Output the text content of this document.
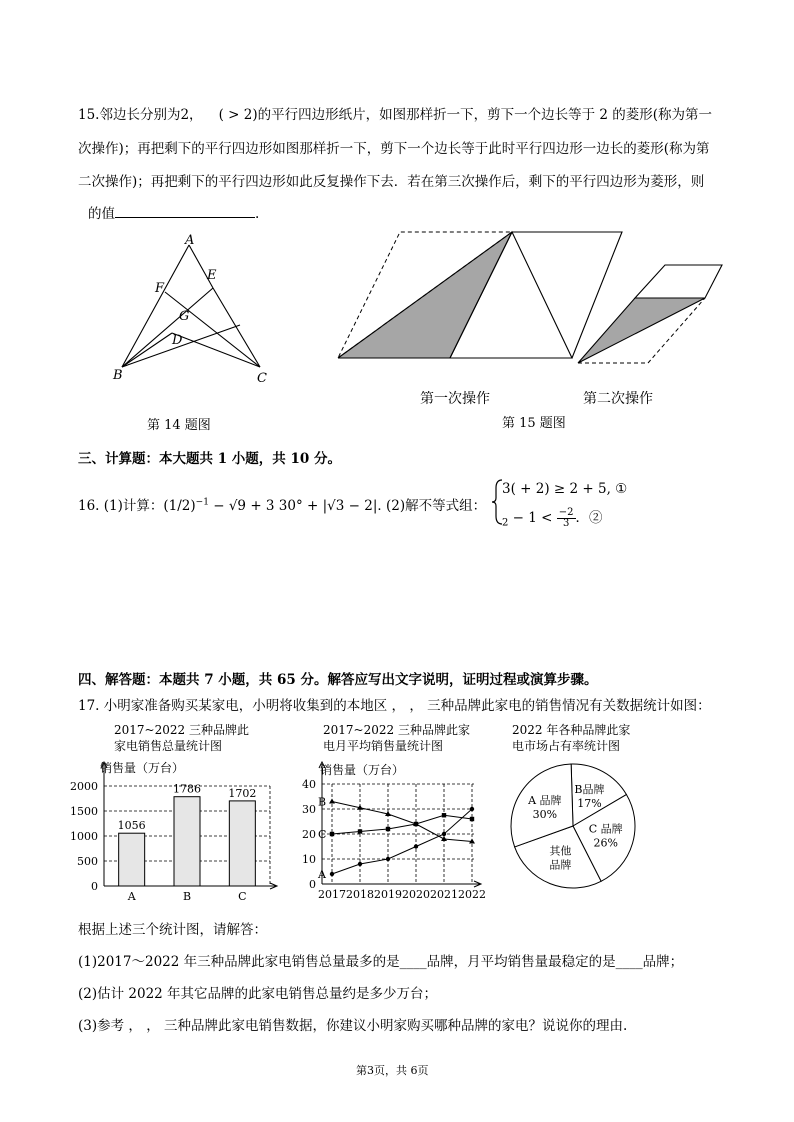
15.邻边长分别为2， ( > 2)的平行四边形纸片，如图那样折一下，剪下一个边长等于 2 的菱形(称为第一
次操作)；再把剩下的平行四边形如图那样折一下，剪下一个边长等于此时平行四边形一边长的菱形(称为第
二次操作)；再把剩下的平行四边形如此反复操作下去．若在第三次操作后，剩下的平行四边形为菱形，则
的值	.
A
B	C
D
E
F
G
第 14 题图
第一次操作	第二次操作
第 15 题图
三、计算题：本大题共 1 小题，共 10 分。
16. (1)计算：$(1/2)^{-1} - √9 + 3$ 30° + |√3 − 2|．
(2)解不等式组：
3( + 2) ≥ 2 + 5, ①
$_2 - 1 < \frac{-2}{3}$ ．②
四、解答题：本题共 7 小题，共 65 分。解答应写出文字说明，证明过程或演算步骤。
17. 小明家准备购买某家电，小明将收集到的本地区 ， ， 三种品牌此家电的销售情况有关数据统计如图：
2017~2022 三种品牌此
家电销售总量统计图
2017~2022 三种品牌此家
电月平均销售量统计图
2022 年各种品牌此家
电市场占有率统计图
销售量（万台）
0
500
1000
1500
2000
1056
A
1786
B
1702
C
销售量（万台）
0
10
20
30
40
2017 2018 2019 2020 2021 2022
A
B
C
A 品牌
30%
B品牌
17%
C 品牌
26%
其他
品牌
根据上述三个统计图，请解答：
(1)2017～2022 年三种品牌此家电销售总量最多的是____品牌，月平均销售量最稳定的是____品牌；
(2)估计 2022 年其它品牌的此家电销售总量约是多少万台；
(3)参考 ， ， 三种品牌此家电销售数据，你建议小明家购买哪种品牌的家电？说说你的理由.
第3页，共 6页
